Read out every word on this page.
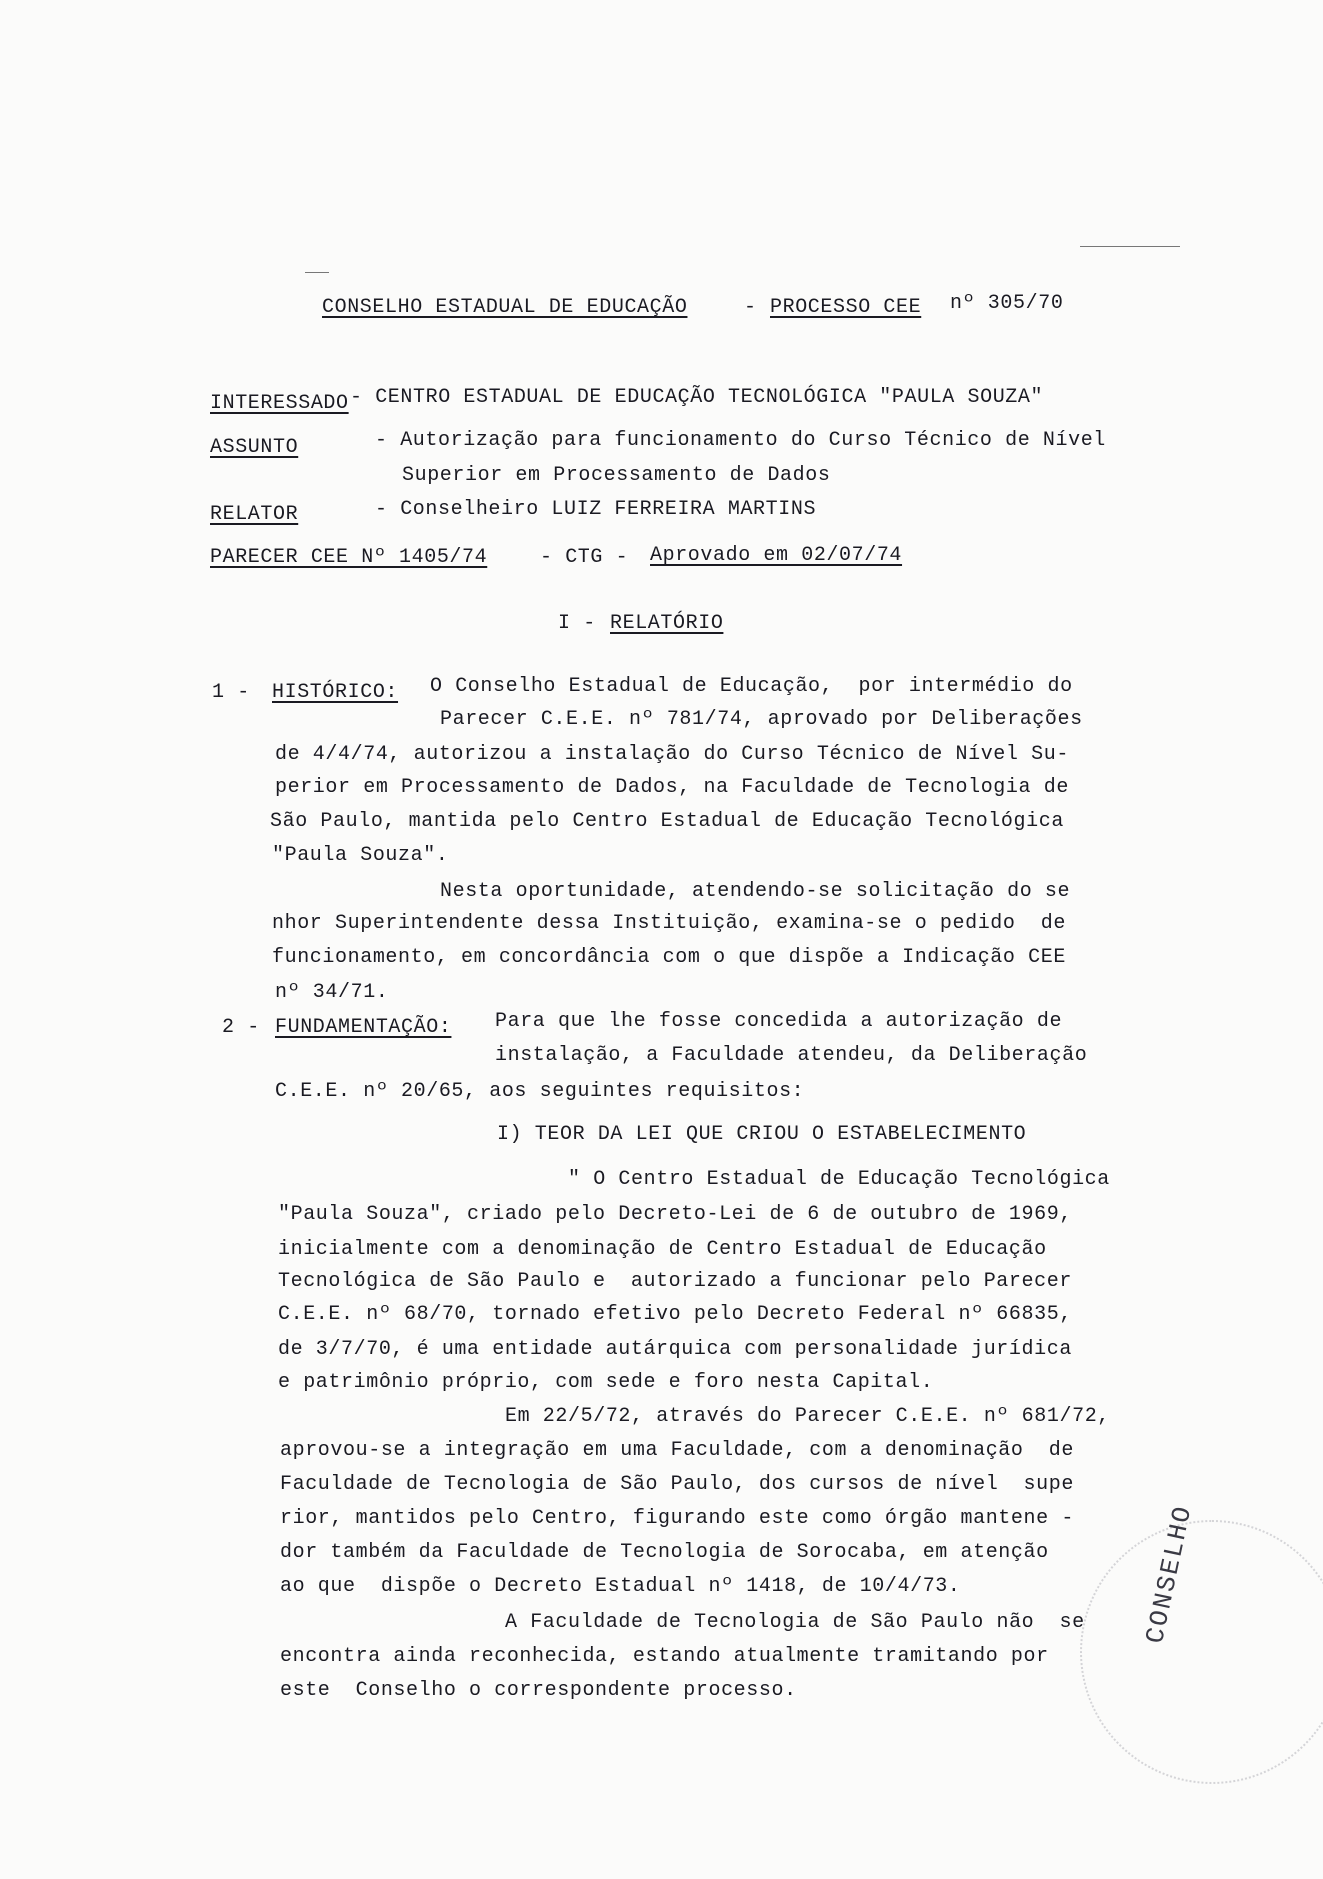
CONSELHO ESTADUAL DE EDUCAÇÃO	- PROCESSO CEE nº 305/70
INTERESSADO - CENTRO ESTADUAL DE EDUCAÇÃO TECNOLÓGICA "PAULA SOUZA"
ASSUNTO	- Autorização para funcionamento do Curso Técnico de Nível
Superior em Processamento de Dados
RELATOR	- Conselheiro LUIZ FERREIRA MARTINS
PARECER CEE Nº 1405/74	- CTG - Aprovado em 02/07/74
I - RELATÓRIO
1 - HISTÓRICO: O Conselho Estadual de Educação,  por intermédio do
Parecer C.E.E. nº 781/74, aprovado por Deliberações
de 4/4/74, autorizou a instalação do Curso Técnico de Nível Su-
perior em Processamento de Dados, na Faculdade de Tecnologia de
São Paulo, mantida pelo Centro Estadual de Educação Tecnológica
"Paula Souza".
Nesta oportunidade, atendendo-se solicitação do se
nhor Superintendente dessa Instituição, examina-se o pedido  de
funcionamento, em concordância com o que dispõe a Indicação CEE
nº 34/71.
2 - FUNDAMENTAÇÃO: Para que lhe fosse concedida a autorização de
instalação, a Faculdade atendeu, da Deliberação
C.E.E. nº 20/65, aos seguintes requisitos:
I) TEOR DA LEI QUE CRIOU O ESTABELECIMENTO
" O Centro Estadual de Educação Tecnológica
"Paula Souza", criado pelo Decreto-Lei de 6 de outubro de 1969,
inicialmente com a denominação de Centro Estadual de Educação
Tecnológica de São Paulo e  autorizado a funcionar pelo Parecer
C.E.E. nº 68/70, tornado efetivo pelo Decreto Federal nº 66835,
de 3/7/70, é uma entidade autárquica com personalidade jurídica
e patrimônio próprio, com sede e foro nesta Capital.
Em 22/5/72, através do Parecer C.E.E. nº 681/72,
aprovou-se a integração em uma Faculdade, com a denominação  de
Faculdade de Tecnologia de São Paulo, dos cursos de nível  supe
rior, mantidos pelo Centro, figurando este como órgão mantene -
dor também da Faculdade de Tecnologia de Sorocaba, em atenção
ao que  dispõe o Decreto Estadual nº 1418, de 10/4/73.
A Faculdade de Tecnologia de São Paulo não  se
encontra ainda reconhecida, estando atualmente tramitando por
este  Conselho o correspondente processo.
CONSELHO
